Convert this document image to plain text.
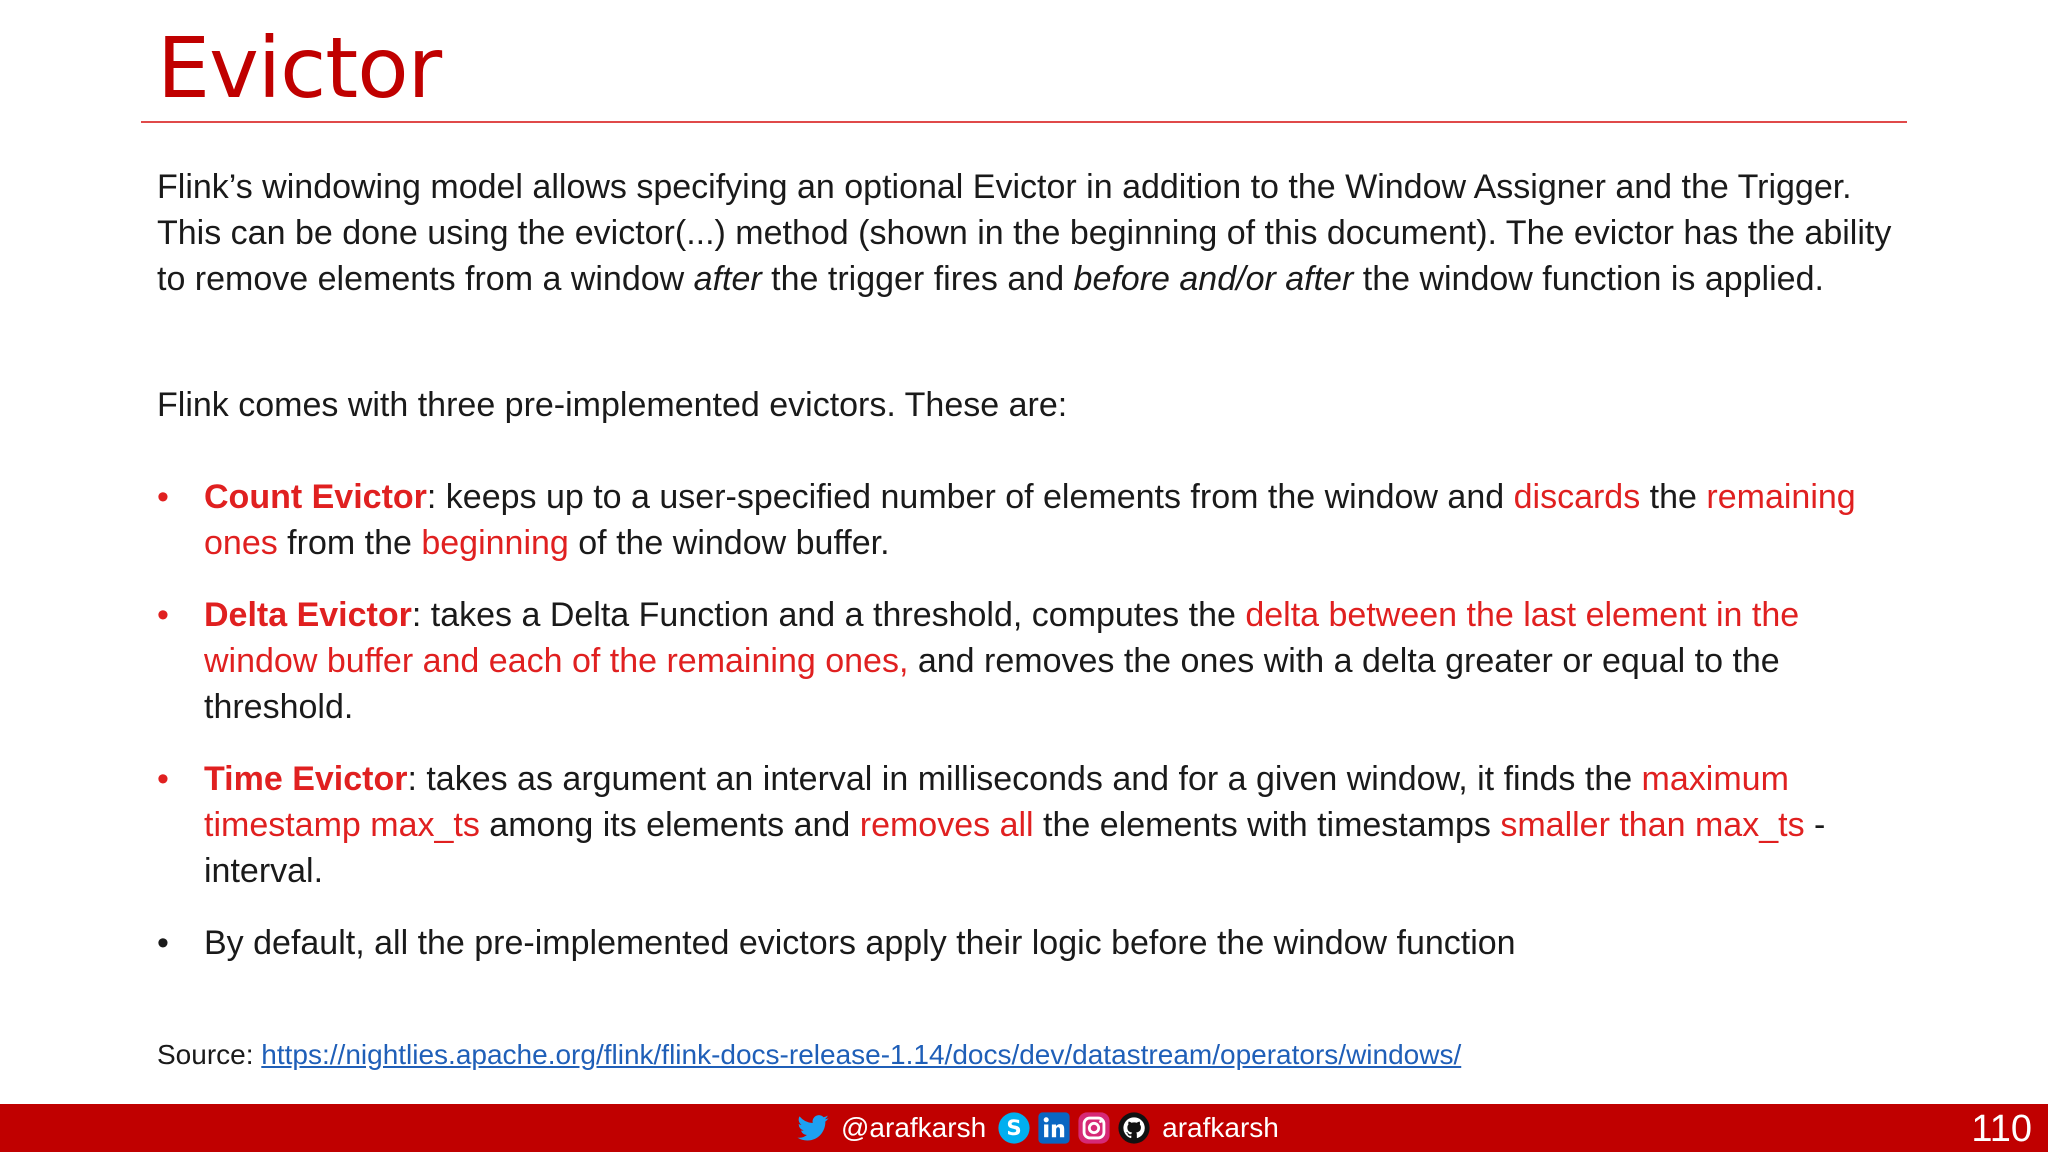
Evictor

Flink’s windowing model allows specifying an optional Evictor in addition to the Window Assigner and the Trigger. This can be done using the evictor(...) method (shown in the beginning of this document). The evictor has the ability to remove elements from a window after the trigger fires and before and/or after the window function is applied.

Flink comes with three pre-implemented evictors. These are:

•	Count Evictor: keeps up to a user-specified number of elements from the window and discards the remaining ones from the beginning of the window buffer.
•	Delta Evictor: takes a Delta Function and a threshold, computes the delta between the last element in the window buffer and each of the remaining ones, and removes the ones with a delta greater or equal to the threshold.
•	Time Evictor: takes as argument an interval in milliseconds and for a given window, it finds the maximum timestamp max_ts among its elements and removes all the elements with timestamps smaller than max_ts - interval.
•	By default, all the pre-implemented evictors apply their logic before the window function
Source: https://nightlies.apache.org/flink/flink-docs-release-1.14/docs/dev/datastream/operators/windows/
@arafkarsh S	arafkarsh	110
